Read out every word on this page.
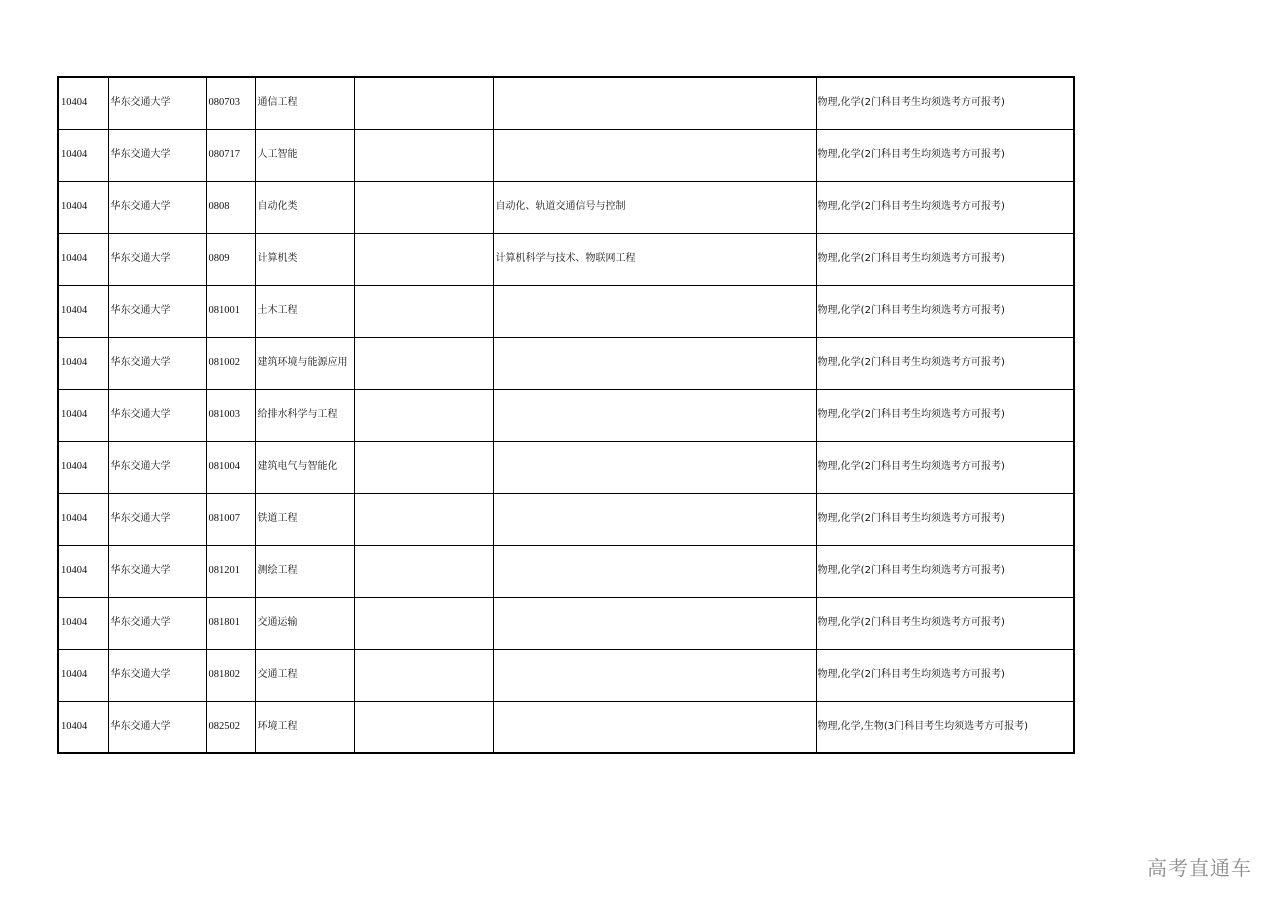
10404	华东交通大学	080703	通信工程			物理,化学(2门科目考生均须选考方可报考)
10404	华东交通大学	080717	人工智能			物理,化学(2门科目考生均须选考方可报考)
10404	华东交通大学	0808	自动化类		自动化、轨道交通信号与控制	物理,化学(2门科目考生均须选考方可报考)
10404	华东交通大学	0809	计算机类		计算机科学与技术、物联网工程	物理,化学(2门科目考生均须选考方可报考)
10404	华东交通大学	081001	土木工程			物理,化学(2门科目考生均须选考方可报考)
10404	华东交通大学	081002	建筑环境与能源应用			物理,化学(2门科目考生均须选考方可报考)
10404	华东交通大学	081003	给排水科学与工程			物理,化学(2门科目考生均须选考方可报考)
10404	华东交通大学	081004	建筑电气与智能化			物理,化学(2门科目考生均须选考方可报考)
10404	华东交通大学	081007	铁道工程			物理,化学(2门科目考生均须选考方可报考)
10404	华东交通大学	081201	测绘工程			物理,化学(2门科目考生均须选考方可报考)
10404	华东交通大学	081801	交通运输			物理,化学(2门科目考生均须选考方可报考)
10404	华东交通大学	081802	交通工程			物理,化学(2门科目考生均须选考方可报考)
10404	华东交通大学	082502	环境工程			物理,化学,生物(3门科目考生均须选考方可报考)
高考直通车
